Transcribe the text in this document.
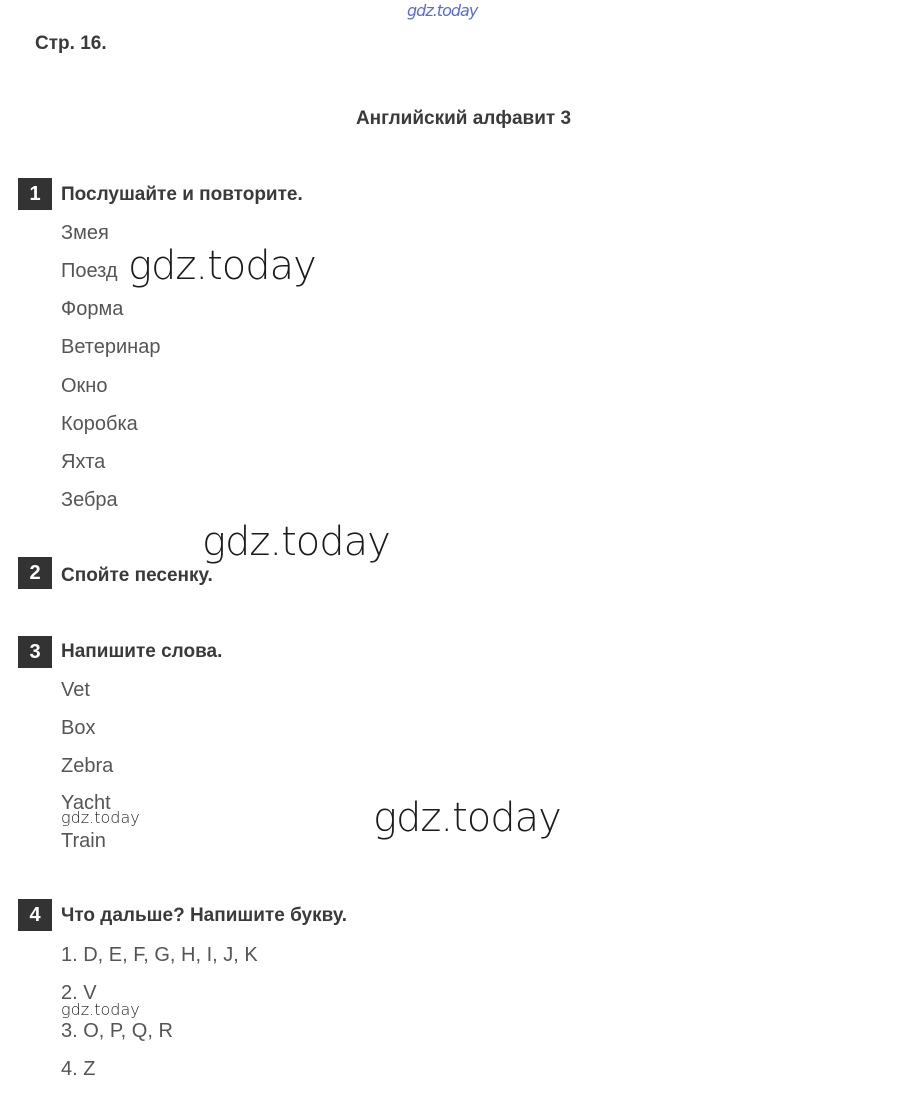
gdz.today
Стр. 16.
Английский алфавит 3
1	Послушайте и повторите.
Змея
Поезд
Форма
Ветеринар
Окно
Коробка
Яхта
Зебра
gdz.today
gdz.today
2	Спойте песенку.
3	Напишите слова.
Vet
Box
Zebra
Yacht
gdz.today
Train	gdz.today
4	Что дальше? Напишите букву.
1. D, E, F, G, H, I, J, K
2. V
gdz.today
3. O, P, Q, R
4. Z
